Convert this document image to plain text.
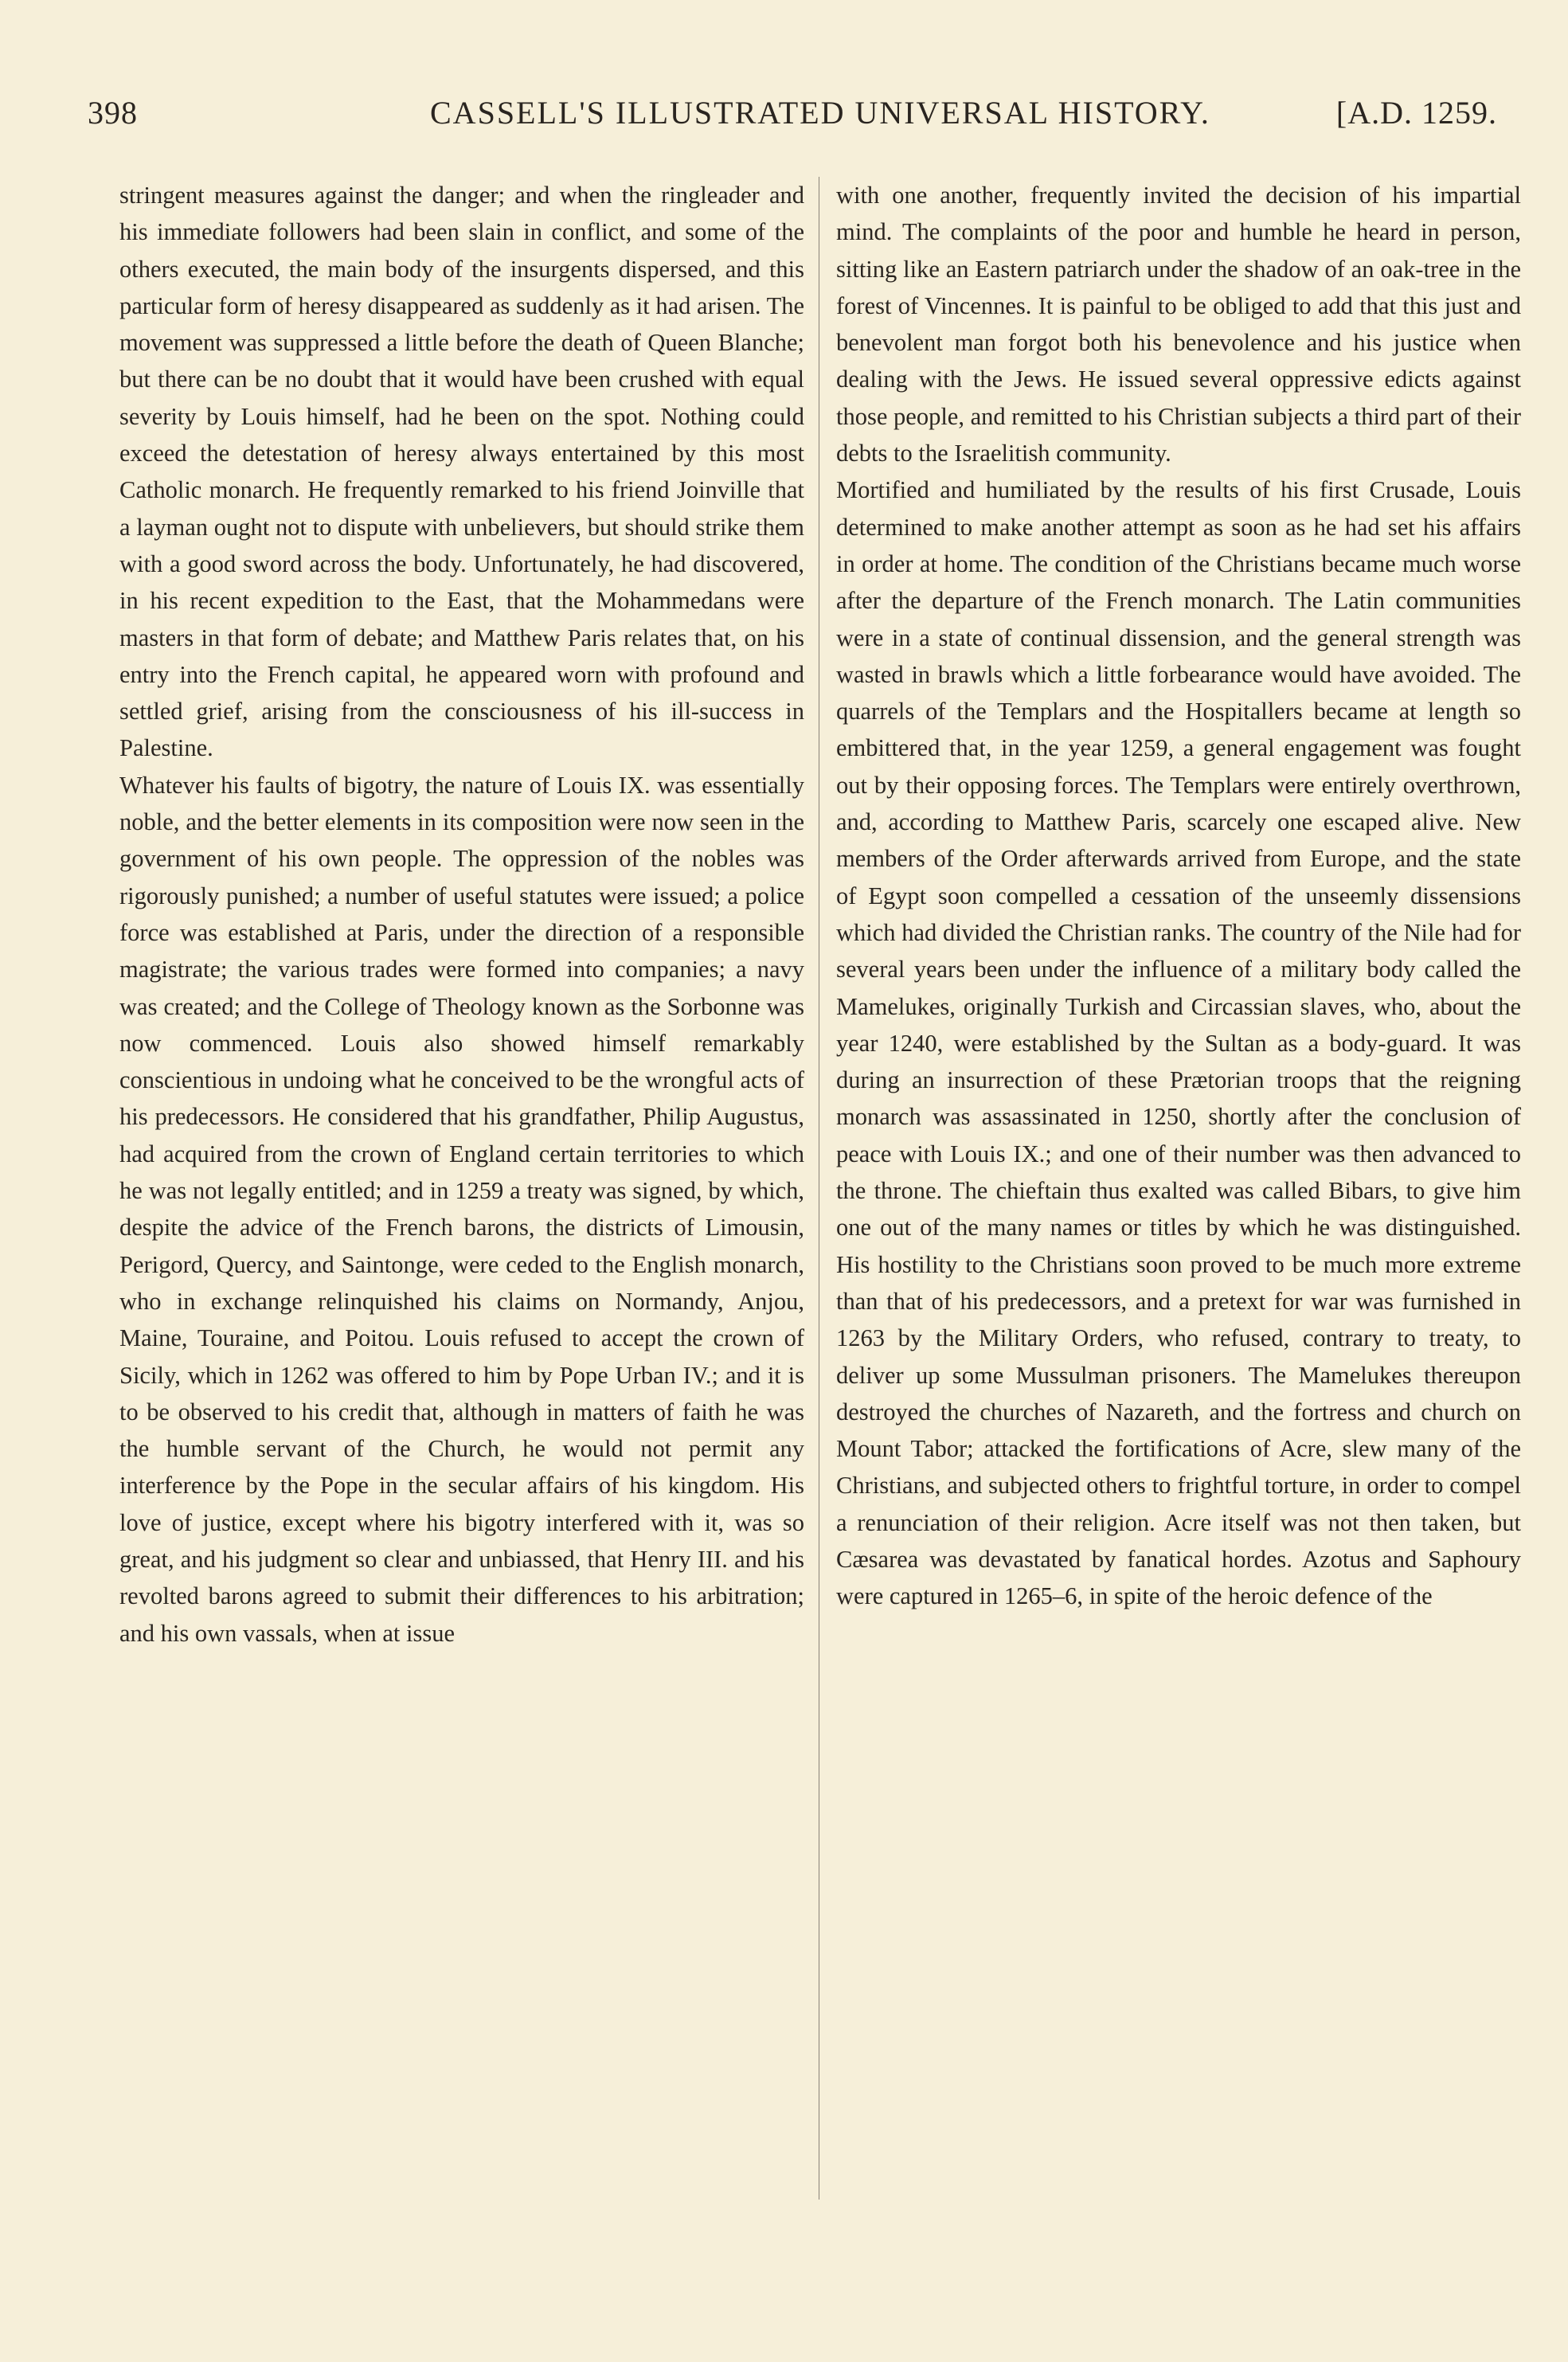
398	CASSELL'S ILLUSTRATED UNIVERSAL HISTORY.	[A.D. 1259.

stringent measures against the danger; and when the ringleader and his immediate followers had been slain in conflict, and some of the others executed, the main body of the insurgents dispersed, and this particular form of heresy disappeared as suddenly as it had arisen. The movement was suppressed a little before the death of Queen Blanche; but there can be no doubt that it would have been crushed with equal severity by Louis himself, had he been on the spot. Nothing could exceed the detestation of heresy always entertained by this most Catholic monarch. He frequently remarked to his friend Joinville that a layman ought not to dispute with unbelievers, but should strike them with a good sword across the body. Unfortunately, he had discovered, in his recent expedition to the East, that the Mohammedans were masters in that form of debate; and Matthew Paris relates that, on his entry into the French capital, he appeared worn with profound and settled grief, arising from the consciousness of his ill-success in Palestine.

Whatever his faults of bigotry, the nature of Louis IX. was essentially noble, and the better elements in its composition were now seen in the government of his own people. The oppression of the nobles was rigorously punished; a number of useful statutes were issued; a police force was established at Paris, under the direction of a responsible magistrate; the various trades were formed into companies; a navy was created; and the College of Theology known as the Sorbonne was now commenced. Louis also showed himself remarkably conscientious in undoing what he conceived to be the wrongful acts of his predecessors. He considered that his grandfather, Philip Augustus, had acquired from the crown of England certain territories to which he was not legally entitled; and in 1259 a treaty was signed, by which, despite the advice of the French barons, the districts of Limousin, Perigord, Quercy, and Saintonge, were ceded to the English monarch, who in exchange relinquished his claims on Normandy, Anjou, Maine, Touraine, and Poitou. Louis refused to accept the crown of Sicily, which in 1262 was offered to him by Pope Urban IV.; and it is to be observed to his credit that, although in matters of faith he was the humble servant of the Church, he would not permit any interference by the Pope in the secular affairs of his kingdom. His love of justice, except where his bigotry interfered with it, was so great, and his judgment so clear and unbiassed, that Henry III. and his revolted barons agreed to submit their differences to his arbitration; and his own vassals, when at issue

with one another, frequently invited the decision of his impartial mind. The complaints of the poor and humble he heard in person, sitting like an Eastern patriarch under the shadow of an oak-tree in the forest of Vincennes. It is painful to be obliged to add that this just and benevolent man forgot both his benevolence and his justice when dealing with the Jews. He issued several oppressive edicts against those people, and remitted to his Christian subjects a third part of their debts to the Israelitish community.

Mortified and humiliated by the results of his first Crusade, Louis determined to make another attempt as soon as he had set his affairs in order at home. The condition of the Christians became much worse after the departure of the French monarch. The Latin communities were in a state of continual dissension, and the general strength was wasted in brawls which a little forbearance would have avoided. The quarrels of the Templars and the Hospitallers became at length so embittered that, in the year 1259, a general engagement was fought out by their opposing forces. The Templars were entirely overthrown, and, according to Matthew Paris, scarcely one escaped alive. New members of the Order afterwards arrived from Europe, and the state of Egypt soon compelled a cessation of the unseemly dissensions which had divided the Christian ranks. The country of the Nile had for several years been under the influence of a military body called the Mamelukes, originally Turkish and Circassian slaves, who, about the year 1240, were established by the Sultan as a body-guard. It was during an insurrection of these Prætorian troops that the reigning monarch was assassinated in 1250, shortly after the conclusion of peace with Louis IX.; and one of their number was then advanced to the throne. The chieftain thus exalted was called Bibars, to give him one out of the many names or titles by which he was distinguished. His hostility to the Christians soon proved to be much more extreme than that of his predecessors, and a pretext for war was furnished in 1263 by the Military Orders, who refused, contrary to treaty, to deliver up some Mussulman prisoners. The Mamelukes thereupon destroyed the churches of Nazareth, and the fortress and church on Mount Tabor; attacked the fortifications of Acre, slew many of the Christians, and subjected others to frightful torture, in order to compel a renunciation of their religion. Acre itself was not then taken, but Cæsarea was devastated by fanatical hordes. Azotus and Saphoury were captured in 1265–6, in spite of the heroic defence of the
